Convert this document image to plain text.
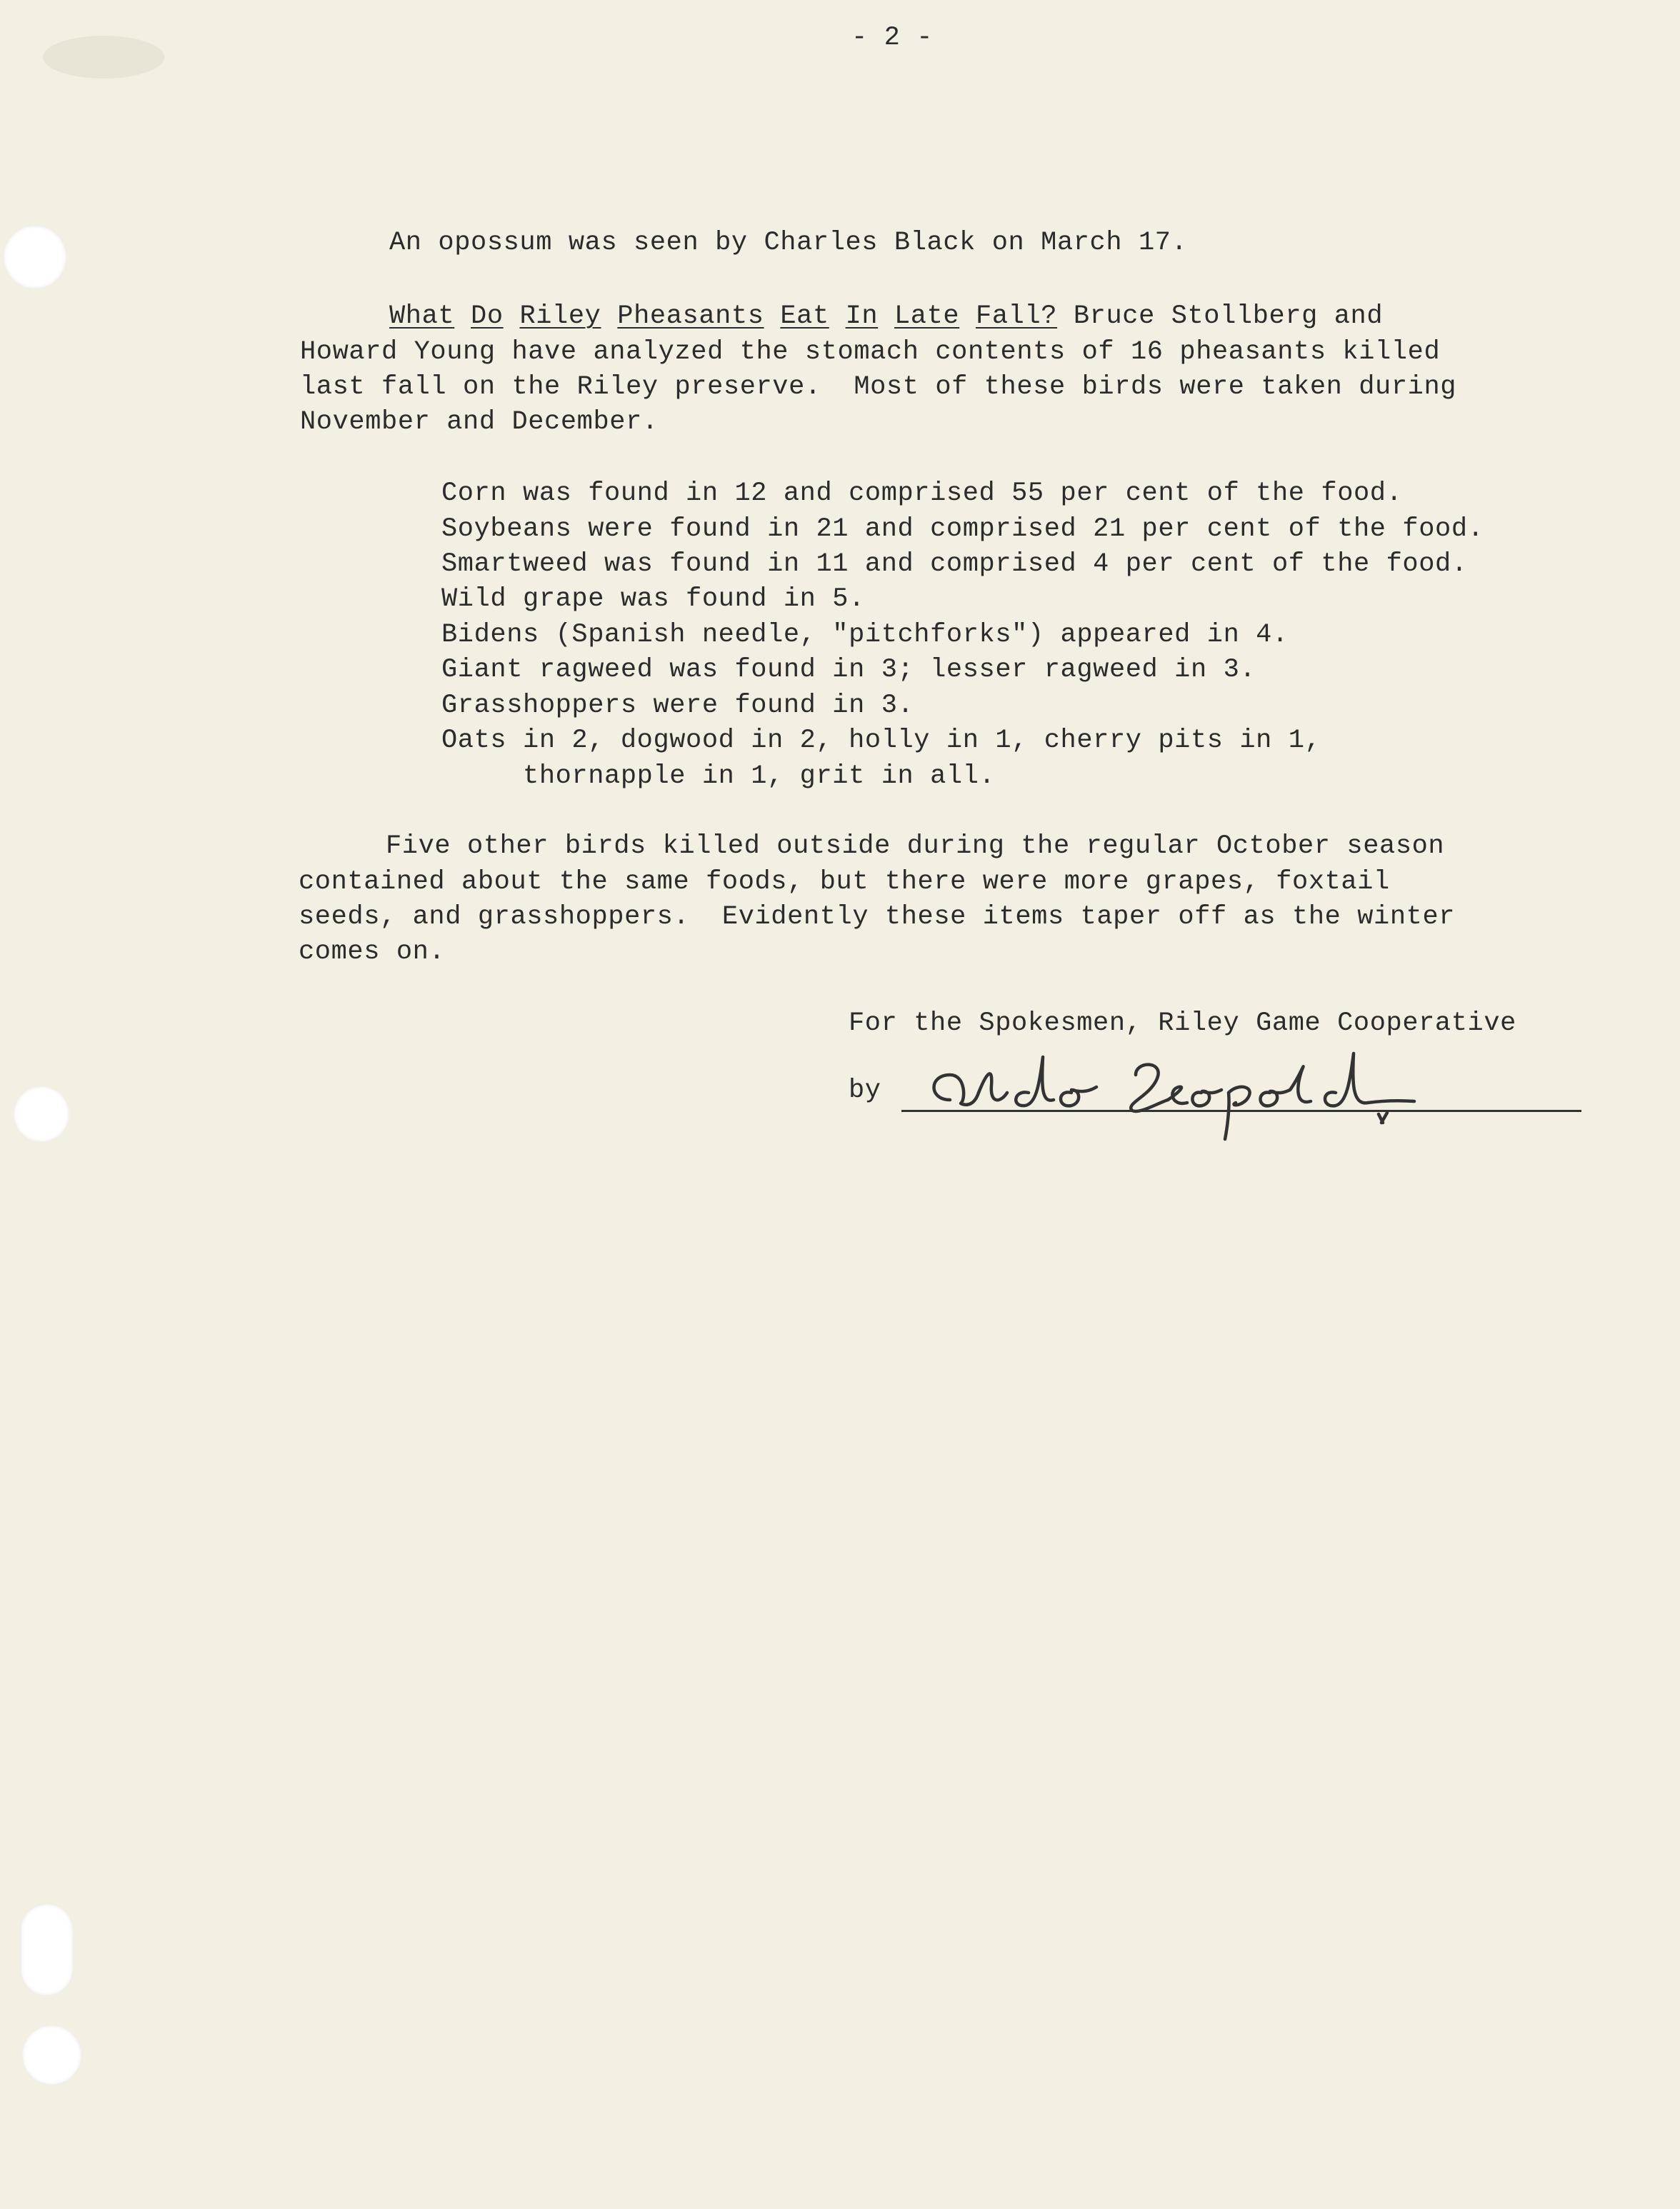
- 2 -

An opossum was seen by Charles Black on March 17.

What Do Riley Pheasants Eat In Late Fall? Bruce Stollberg and

Howard Young have analyzed the stomach contents of 16 pheasants killed

last fall on the Riley preserve.  Most of these birds were taken during

November and December.

Corn was found in 12 and comprised 55 per cent of the food.

Soybeans were found in 21 and comprised 21 per cent of the food.

Smartweed was found in 11 and comprised 4 per cent of the food.

Wild grape was found in 5.

Bidens (Spanish needle, "pitchforks") appeared in 4.

Giant ragweed was found in 3; lesser ragweed in 3.

Grasshoppers were found in 3.

Oats in 2, dogwood in 2, holly in 1, cherry pits in 1,

thornapple in 1, grit in all.

Five other birds killed outside during the regular October season

contained about the same foods, but there were more grapes, foxtail

seeds, and grasshoppers.  Evidently these items taper off as the winter

comes on.

For the Spokesmen, Riley Game Cooperative

by
